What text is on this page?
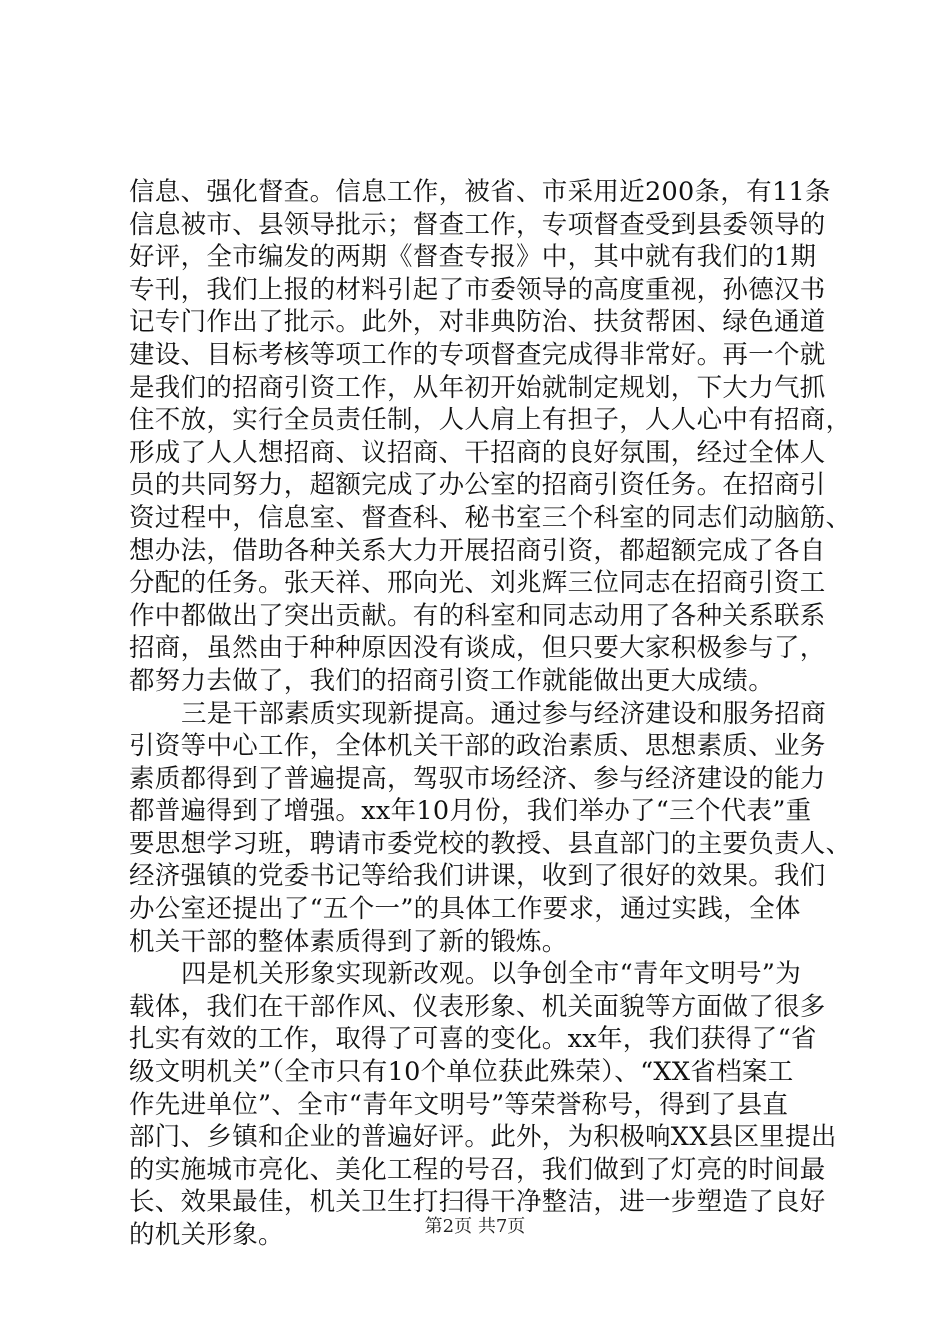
信息、强化督查。信息工作，被省、市采用近200条，有11条
信息被市、县领导批示；督查工作，专项督查受到县委领导的
好评，全市编发的两期《督查专报》中，其中就有我们的1期
专刊，我们上报的材料引起了市委领导的高度重视，孙德汉书
记专门作出了批示。此外，对非典防治、扶贫帮困、绿色通道
建设、目标考核等项工作的专项督查完成得非常好。再一个就
是我们的招商引资工作，从年初开始就制定规划，下大力气抓
住不放，实行全员责任制，人人肩上有担子，人人心中有招商，
形成了人人想招商、议招商、干招商的良好氛围，经过全体人
员的共同努力，超额完成了办公室的招商引资任务。在招商引
资过程中，信息室、督查科、秘书室三个科室的同志们动脑筋、
想办法，借助各种关系大力开展招商引资，都超额完成了各自
分配的任务。张天祥、邢向光、刘兆辉三位同志在招商引资工
作中都做出了突出贡献。有的科室和同志动用了各种关系联系
招商，虽然由于种种原因没有谈成，但只要大家积极参与了，
都努力去做了，我们的招商引资工作就能做出更大成绩。
三是干部素质实现新提高。通过参与经济建设和服务招商
引资等中心工作，全体机关干部的政治素质、思想素质、业务
素质都得到了普遍提高，驾驭市场经济、参与经济建设的能力
都普遍得到了增强。xx年10月份，我们举办了“三个代表”重
要思想学习班，聘请市委党校的教授、县直部门的主要负责人、
经济强镇的党委书记等给我们讲课，收到了很好的效果。我们
办公室还提出了“五个一”的具体工作要求，通过实践，全体
机关干部的整体素质得到了新的锻炼。
四是机关形象实现新改观。以争创全市“青年文明号”为
载体，我们在干部作风、仪表形象、机关面貌等方面做了很多
扎实有效的工作，取得了可喜的变化。xx年，我们获得了“省
级文明机关”（全市只有10个单位获此殊荣）、“XX省档案工
作先进单位”、全市“青年文明号”等荣誉称号，得到了县直
部门、乡镇和企业的普遍好评。此外，为积极响XX县区里提出
的实施城市亮化、美化工程的号召，我们做到了灯亮的时间最
长、效果最佳，机关卫生打扫得干净整洁，进一步塑造了良好
的机关形象。	第2页 共7页
